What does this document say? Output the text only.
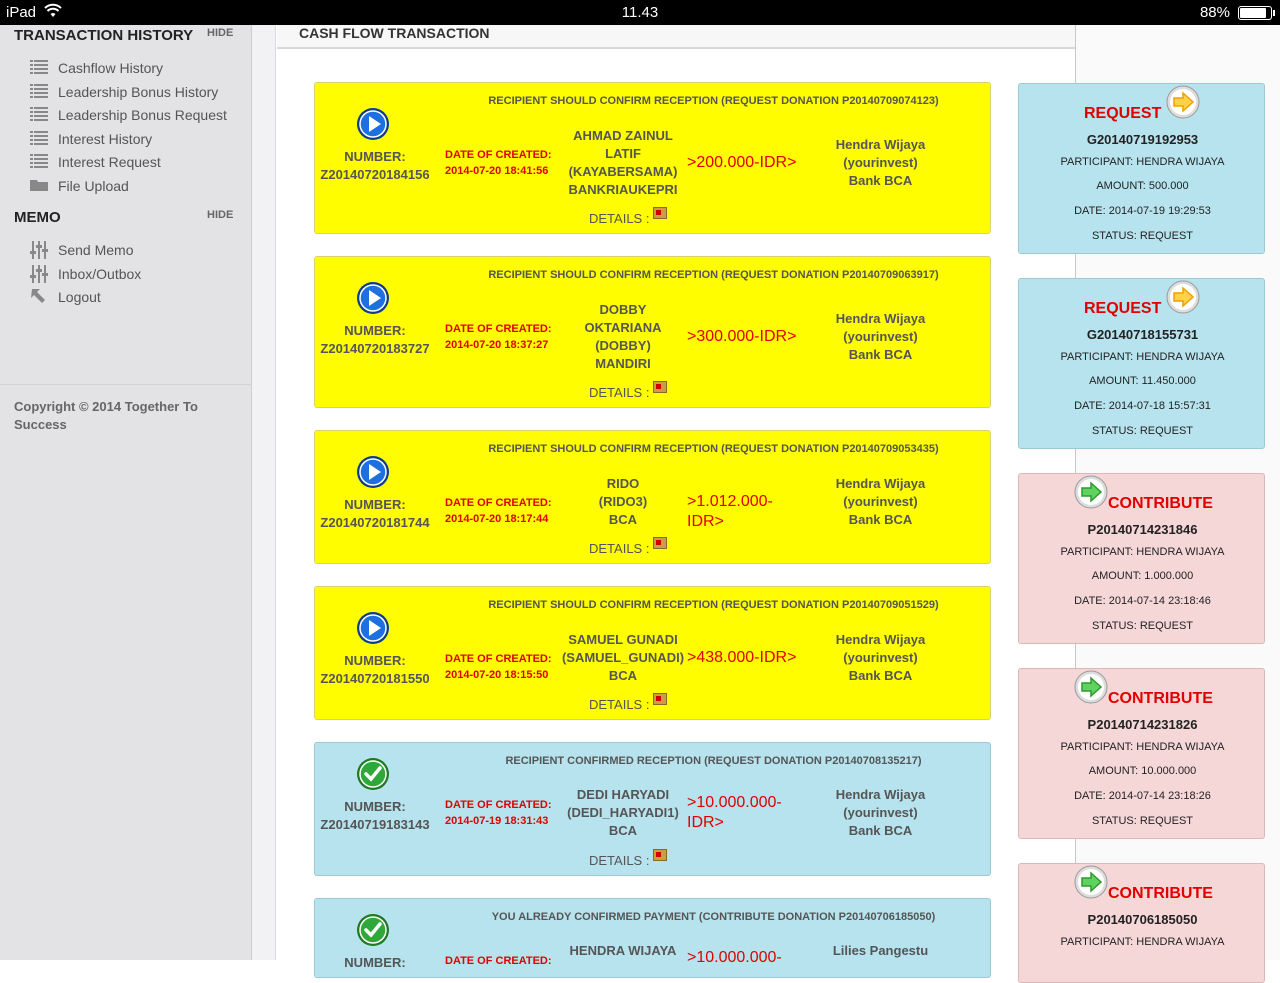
iPad	11.43	88%
TRANSACTION HISTORY HIDE
Cashflow History
Leadership Bonus History
Leadership Bonus Request
Interest History
Interest Request
File Upload
MEMO	HIDE
Send Memo
Inbox/Outbox
Logout
Copyright © 2014 Together To Success
CASH FLOW TRANSACTION
RECIPIENT SHOULD CONFIRM RECEPTION (REQUEST DONATION P20140709074123)
NUMBER:
Z20140720184156
DATE OF CREATED:
2014-07-20 18:41:56
AHMAD ZAINUL
LATIF
(KAYABERSAMA)
BANKRIAUKEPRI
>200.000-IDR>
Hendra Wijaya
(yourinvest)
Bank BCA
DETAILS :
RECIPIENT SHOULD CONFIRM RECEPTION (REQUEST DONATION P20140709063917)
NUMBER:
Z20140720183727
DATE OF CREATED:
2014-07-20 18:37:27
DOBBY
OKTARIANA
(DOBBY)
MANDIRI
>300.000-IDR>
Hendra Wijaya
(yourinvest)
Bank BCA
DETAILS :
RECIPIENT SHOULD CONFIRM RECEPTION (REQUEST DONATION P20140709053435)
NUMBER:
Z20140720181744
DATE OF CREATED:
2014-07-20 18:17:44
RIDO
(RIDO3)
BCA
>1.012.000-IDR>
Hendra Wijaya
(yourinvest)
Bank BCA
DETAILS :
RECIPIENT SHOULD CONFIRM RECEPTION (REQUEST DONATION P20140709051529)
NUMBER:
Z20140720181550
DATE OF CREATED:
2014-07-20 18:15:50
SAMUEL GUNADI
(SAMUEL_GUNADI)
BCA
>438.000-IDR>
Hendra Wijaya
(yourinvest)
Bank BCA
DETAILS :
RECIPIENT CONFIRMED RECEPTION (REQUEST DONATION P20140708135217)
NUMBER:
Z20140719183143
DATE OF CREATED:
2014-07-19 18:31:43
DEDI HARYADI
(DEDI_HARYADI1)
BCA
>10.000.000-IDR>
Hendra Wijaya
(yourinvest)
Bank BCA
DETAILS :
YOU ALREADY CONFIRMED PAYMENT (CONTRIBUTE DONATION P20140706185050)
NUMBER:	DATE OF CREATED:
HENDRA WIJAYA >10.000.000-	Lilies Pangestu
REQUEST
G20140719192953
PARTICIPANT: HENDRA WIJAYA
AMOUNT: 500.000
DATE: 2014-07-19 19:29:53
STATUS: REQUEST
REQUEST
G20140718155731
PARTICIPANT: HENDRA WIJAYA
AMOUNT: 11.450.000
DATE: 2014-07-18 15:57:31
STATUS: REQUEST
CONTRIBUTE
P20140714231846
PARTICIPANT: HENDRA WIJAYA
AMOUNT: 1.000.000
DATE: 2014-07-14 23:18:46
STATUS: REQUEST
CONTRIBUTE
P20140714231826
PARTICIPANT: HENDRA WIJAYA
AMOUNT: 10.000.000
DATE: 2014-07-14 23:18:26
STATUS: REQUEST
CONTRIBUTE
P20140706185050
PARTICIPANT: HENDRA WIJAYA
